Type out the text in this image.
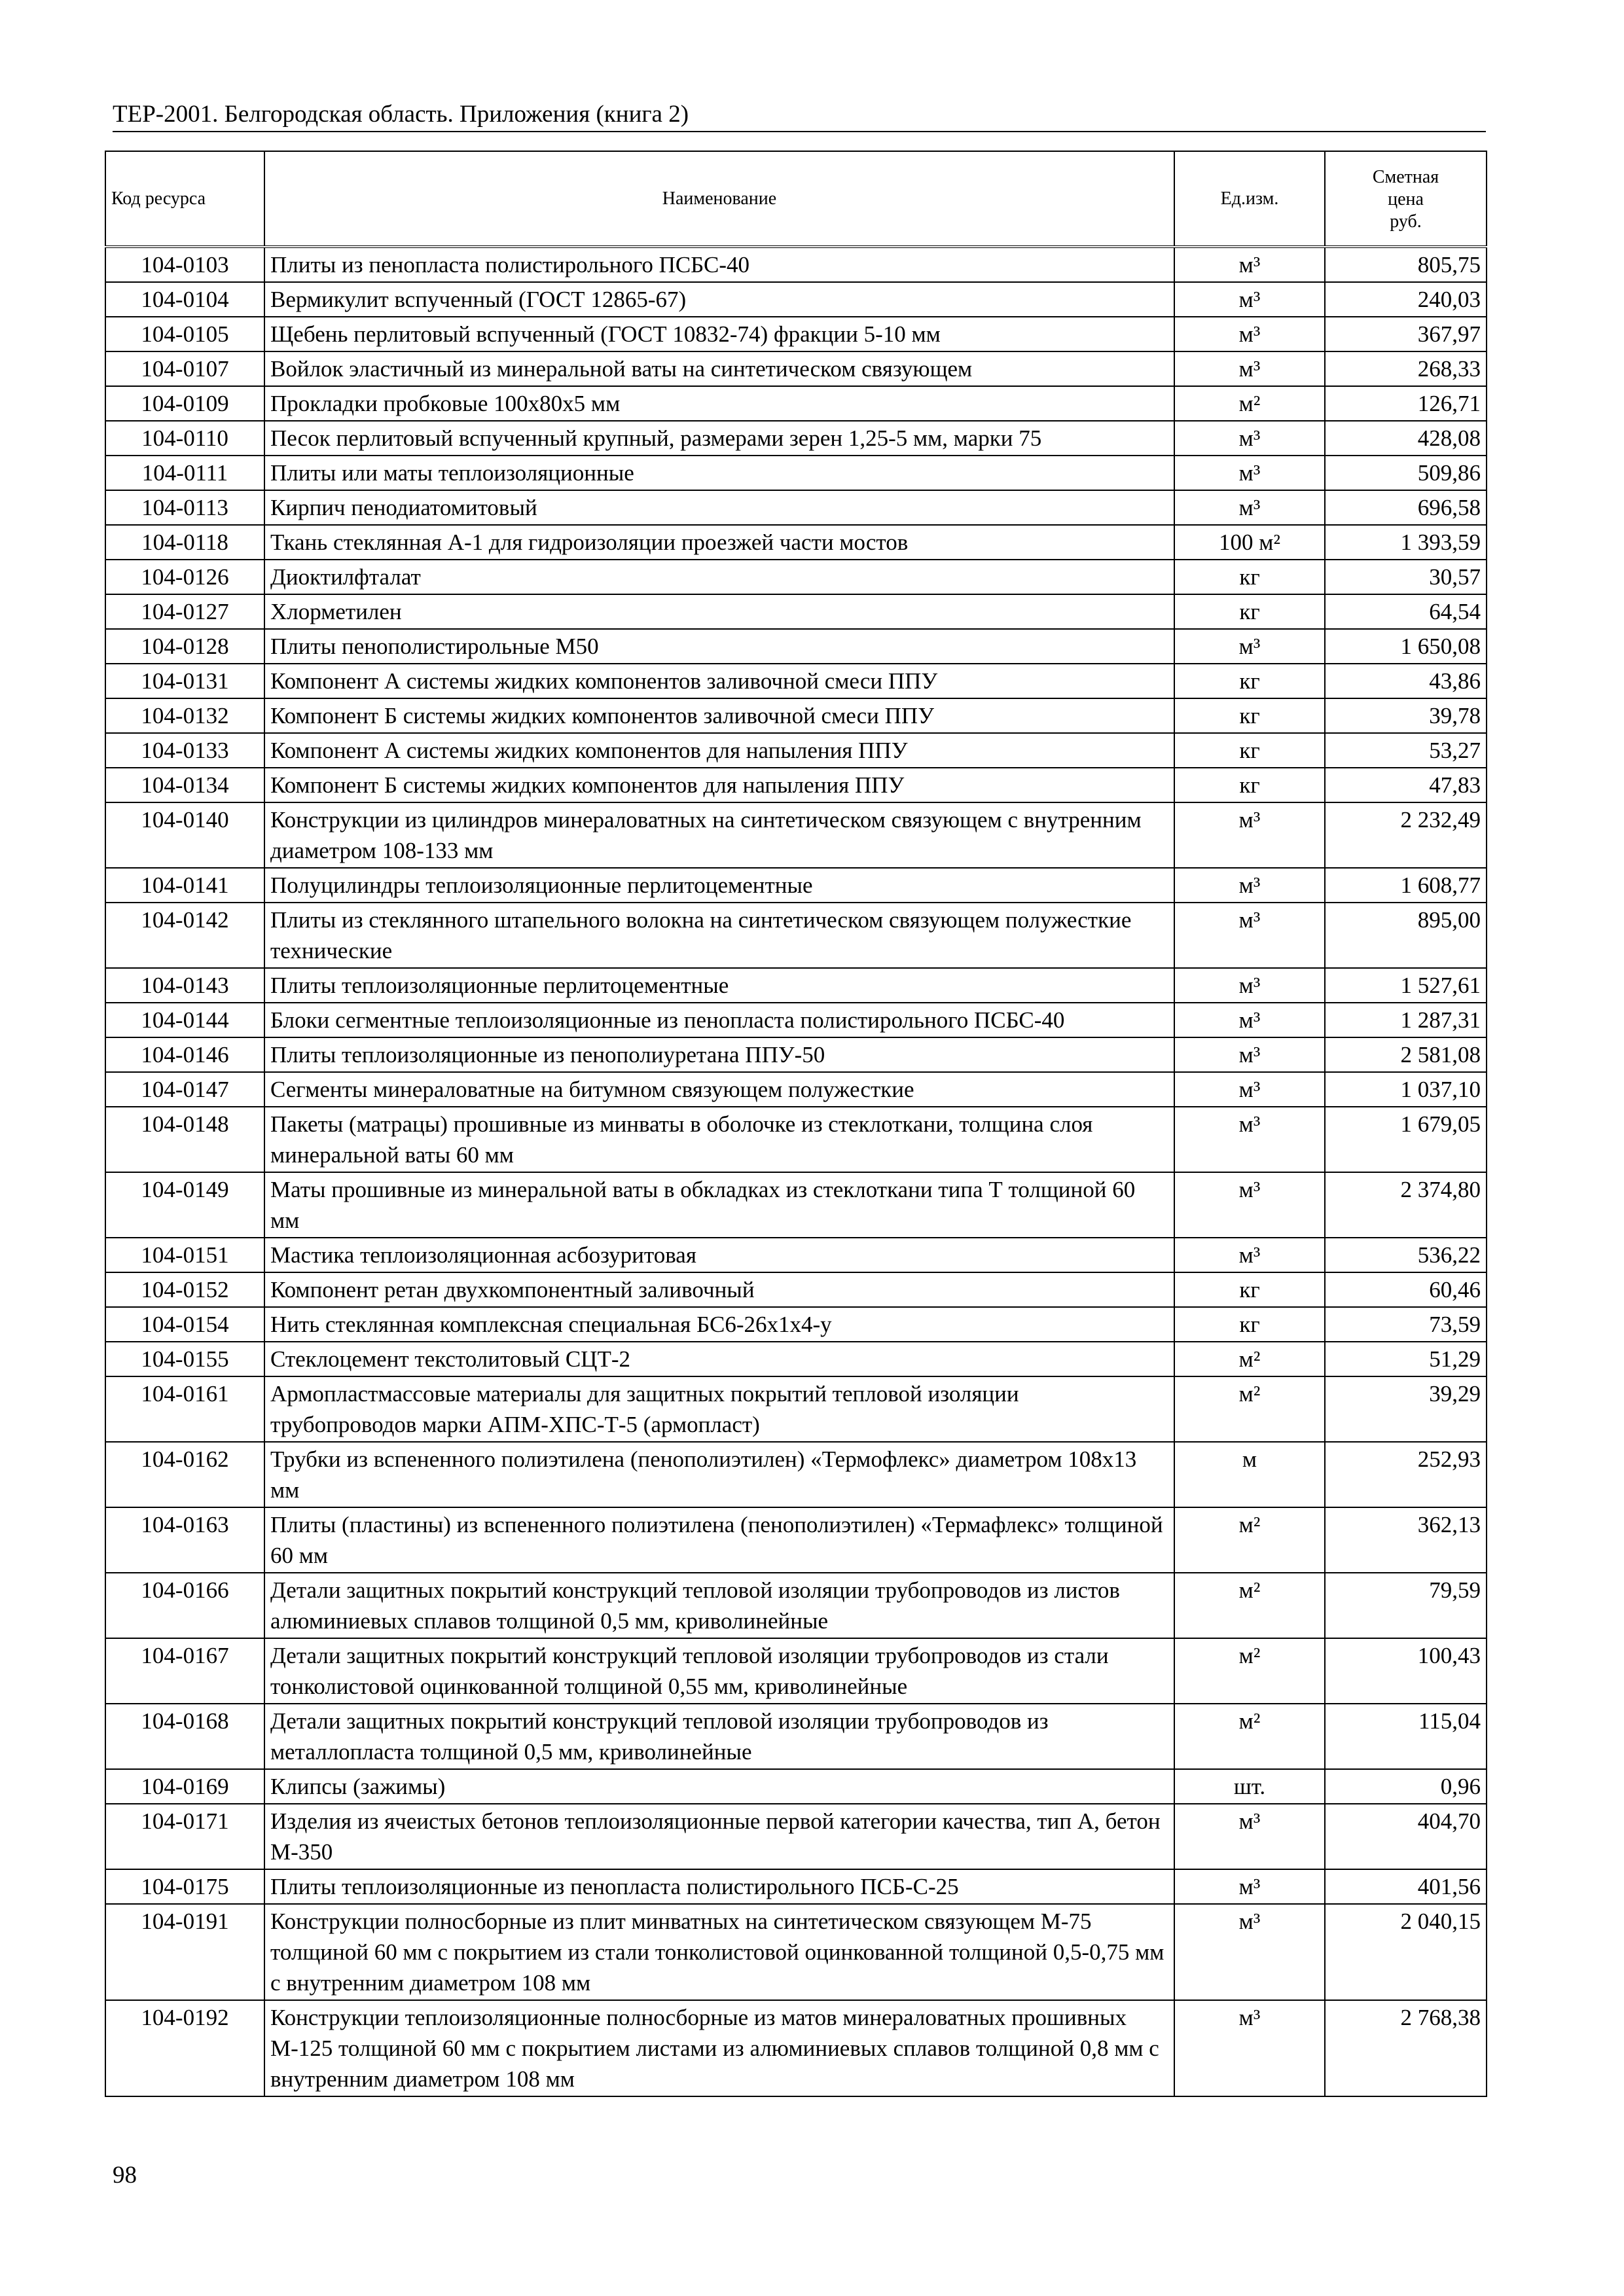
ТЕР-2001. Белгородская область. Приложения (книга 2)
Код ресурса	Наименование	Ед.изм.	Сметная
цена
руб.
104-0103	Плиты из пенопласта полистирольного ПСБС-40	м³	805,75
104-0104	Вермикулит вспученный (ГОСТ 12865-67)	м³	240,03
104-0105	Щебень перлитовый вспученный (ГОСТ 10832-74) фракции 5-10 мм	м³	367,97
104-0107	Войлок эластичный из минеральной ваты на синтетическом связующем	м³	268,33
104-0109	Прокладки пробковые 100х80х5 мм	м²	126,71
104-0110	Песок перлитовый вспученный крупный, размерами зерен 1,25-5 мм, марки 75	м³	428,08
104-0111	Плиты или маты теплоизоляционные	м³	509,86
104-0113	Кирпич пенодиатомитовый	м³	696,58
104-0118	Ткань стеклянная А-1 для гидроизоляции проезжей части мостов	100 м²	1 393,59
104-0126	Диоктилфталат	кг	30,57
104-0127	Хлорметилен	кг	64,54
104-0128	Плиты пенополистирольные М50	м³	1 650,08
104-0131	Компонент А системы жидких компонентов заливочной смеси ППУ	кг	43,86
104-0132	Компонент Б системы жидких компонентов заливочной смеси ППУ	кг	39,78
104-0133	Компонент А системы жидких компонентов для напыления ППУ	кг	53,27
104-0134	Компонент Б системы жидких компонентов для напыления ППУ	кг	47,83
104-0140	Конструкции из цилиндров минераловатных на синтетическом связующем с внутренним диаметром 108-133 мм	м³	2 232,49
104-0141	Полуцилиндры теплоизоляционные перлитоцементные	м³	1 608,77
104-0142	Плиты из стеклянного штапельного волокна на синтетическом связующем полужесткие технические	м³	895,00
104-0143	Плиты теплоизоляционные перлитоцементные	м³	1 527,61
104-0144	Блоки сегментные теплоизоляционные из пенопласта полистирольного ПСБС-40	м³	1 287,31
104-0146	Плиты теплоизоляционные из пенополиуретана ППУ-50	м³	2 581,08
104-0147	Сегменты минераловатные на битумном связующем полужесткие	м³	1 037,10
104-0148	Пакеты (матрацы) прошивные из минваты в оболочке из стеклоткани, толщина слоя минеральной ваты 60 мм	м³	1 679,05
104-0149	Маты прошивные из минеральной ваты в обкладках из стеклоткани типа Т толщиной 60 мм	м³	2 374,80
104-0151	Мастика теплоизоляционная асбозуритовая	м³	536,22
104-0152	Компонент ретан двухкомпонентный заливочный	кг	60,46
104-0154	Нить стеклянная комплексная специальная БС6-26х1х4-у	кг	73,59
104-0155	Стеклоцемент текстолитовый СЦТ-2	м²	51,29
104-0161	Армопластмассовые материалы для защитных покрытий тепловой изоляции трубопроводов марки АПМ-ХПС-Т-5 (армопласт)	м²	39,29
104-0162	Трубки из вспененного полиэтилена (пенополиэтилен) «Термофлекс» диаметром 108х13 мм	м	252,93
104-0163	Плиты (пластины) из вспененного полиэтилена (пенополиэтилен) «Термафлекс» толщиной 60 мм	м²	362,13
104-0166	Детали защитных покрытий конструкций тепловой изоляции трубопроводов из листов алюминиевых сплавов толщиной 0,5 мм, криволинейные	м²	79,59
104-0167	Детали защитных покрытий конструкций тепловой изоляции трубопроводов из стали тонколистовой оцинкованной толщиной 0,55 мм, криволинейные	м²	100,43
104-0168	Детали защитных покрытий конструкций тепловой изоляции трубопроводов из металлопласта толщиной 0,5 мм, криволинейные	м²	115,04
104-0169	Клипсы (зажимы)	шт.	0,96
104-0171	Изделия из ячеистых бетонов теплоизоляционные первой категории качества, тип А, бетон М-350	м³	404,70
104-0175	Плиты теплоизоляционные из пенопласта полистирольного ПСБ-С-25	м³	401,56
104-0191	Конструкции полносборные из плит минватных на синтетическом связующем М-75 толщиной 60 мм с покрытием из стали тонколистовой оцинкованной толщиной 0,5-0,75 мм с внутренним диаметром 108 мм	м³	2 040,15
104-0192	Конструкции теплоизоляционные полносборные из матов минераловатных прошивных М-125 толщиной 60 мм с покрытием листами из алюминиевых сплавов толщиной 0,8 мм с внутренним диаметром 108 мм	м³	2 768,38
98
